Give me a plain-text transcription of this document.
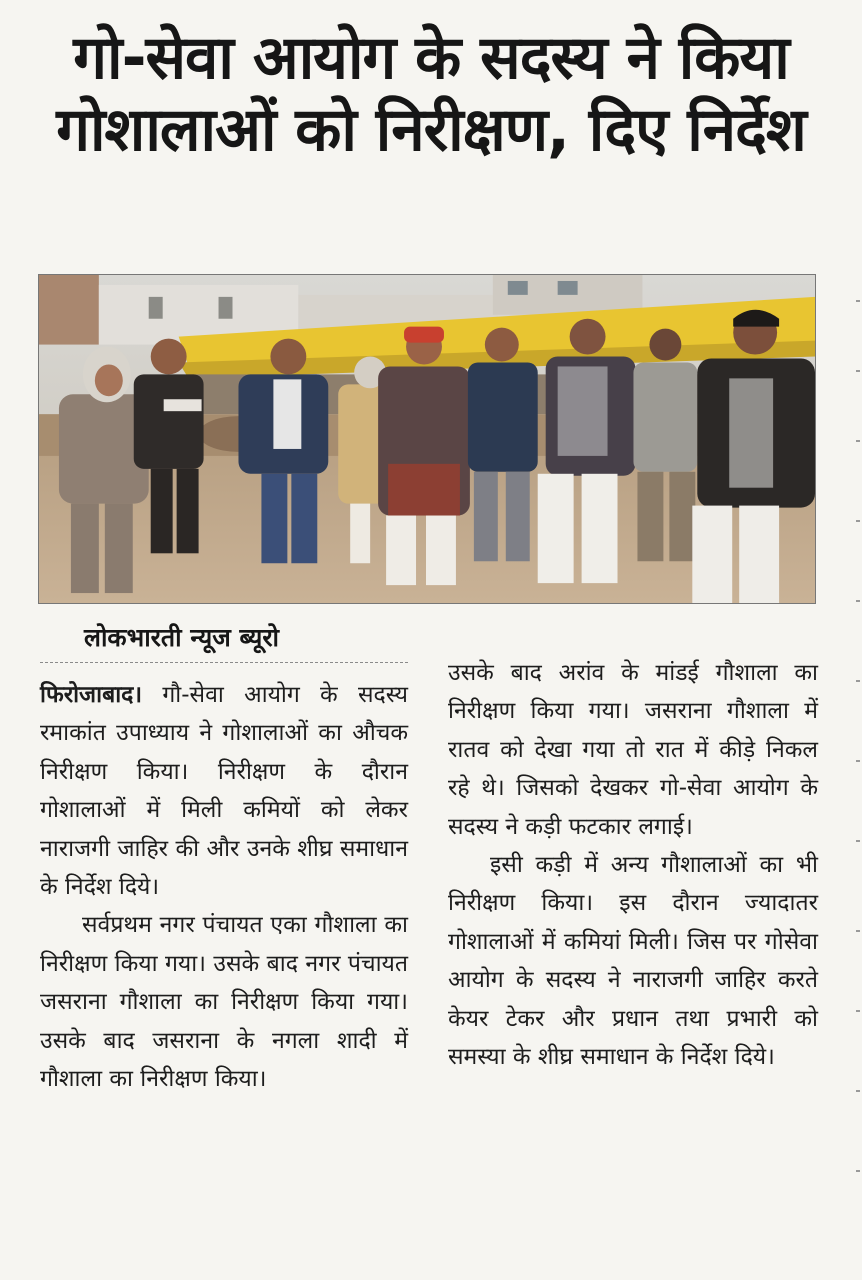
गो-सेवा आयोग के सदस्य ने किया गोशालाओं को निरीक्षण, दिए निर्देश

लोकभारती न्यूज ब्यूरो

फिरोजाबाद। गौ-सेवा आयोग के सदस्य रमाकांत उपाध्याय ने गोशालाओं का औचक निरीक्षण किया। निरीक्षण के दौरान गोशालाओं में मिली कमियों को लेकर नाराजगी जाहिर की और उनके शीघ्र समाधान के निर्देश दिये।

सर्वप्रथम नगर पंचायत एका गौशाला का निरीक्षण किया गया। उसके बाद नगर पंचायत जसराना गौशाला का निरीक्षण किया गया। उसके बाद जसराना के नगला शादी में गौशाला का निरीक्षण किया।

उसके बाद अरांव के मांडई गौशाला का निरीक्षण किया गया। जसराना गौशाला में रातव को देखा गया तो रात में कीड़े निकल रहे थे। जिसको देखकर गो-सेवा आयोग के सदस्य ने कड़ी फटकार लगाई।

इसी कड़ी में अन्य गौशालाओं का भी निरीक्षण किया। इस दौरान ज्यादातर गोशालाओं में कमियां मिली। जिस पर गोसेवा आयोग के सदस्य ने नाराजगी जाहिर करते केयर टेकर और प्रधान तथा प्रभारी को समस्या के शीघ्र समाधान के निर्देश दिये।
